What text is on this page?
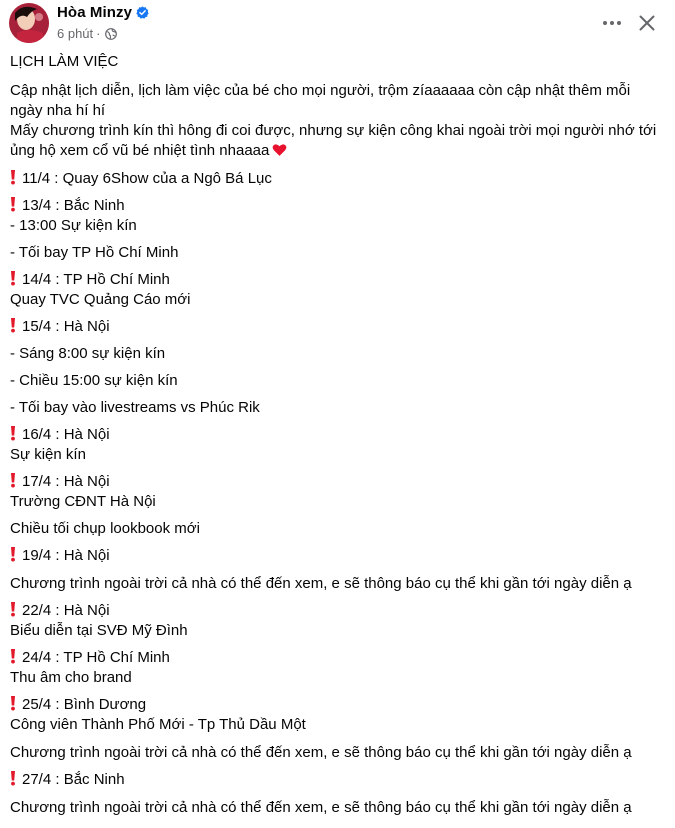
Hòa Minzy
6 phút ·
LỊCH LÀM VIỆC
Cập nhật lịch diễn, lịch làm việc của bé cho mọi người, trộm zíaaaaaa còn cập nhật thêm mỗi
ngày nha hí hí
Mấy chương trình kín thì hông đi coi được, nhưng sự kiện công khai ngoài trời mọi người nhớ tới
ủng hộ xem cổ vũ bé nhiệt tình nhaaaa
11/4 : Quay 6Show của a Ngô Bá Lục
13/4 : Bắc Ninh
- 13:00 Sự kiện kín
- Tối bay TP Hồ Chí Minh
14/4 : TP Hồ Chí Minh
Quay TVC Quảng Cáo mới
15/4 : Hà Nội
- Sáng 8:00 sự kiện kín
- Chiều 15:00 sự kiện kín
- Tối bay vào livestreams vs Phúc Rik
16/4 : Hà Nội
Sự kiện kín
17/4 : Hà Nội
Trường CĐNT Hà Nội
Chiều tối chụp lookbook mới
19/4 : Hà Nội
Chương trình ngoài trời cả nhà có thể đến xem, e sẽ thông báo cụ thể khi gần tới ngày diễn ạ
22/4 : Hà Nội
Biểu diễn tại SVĐ Mỹ Đình
24/4 : TP Hồ Chí Minh
Thu âm cho brand
25/4 : Bình Dương
Công viên Thành Phố Mới - Tp Thủ Dầu Một
Chương trình ngoài trời cả nhà có thể đến xem, e sẽ thông báo cụ thể khi gần tới ngày diễn ạ
27/4 : Bắc Ninh
Chương trình ngoài trời cả nhà có thể đến xem, e sẽ thông báo cụ thể khi gần tới ngày diễn ạ
